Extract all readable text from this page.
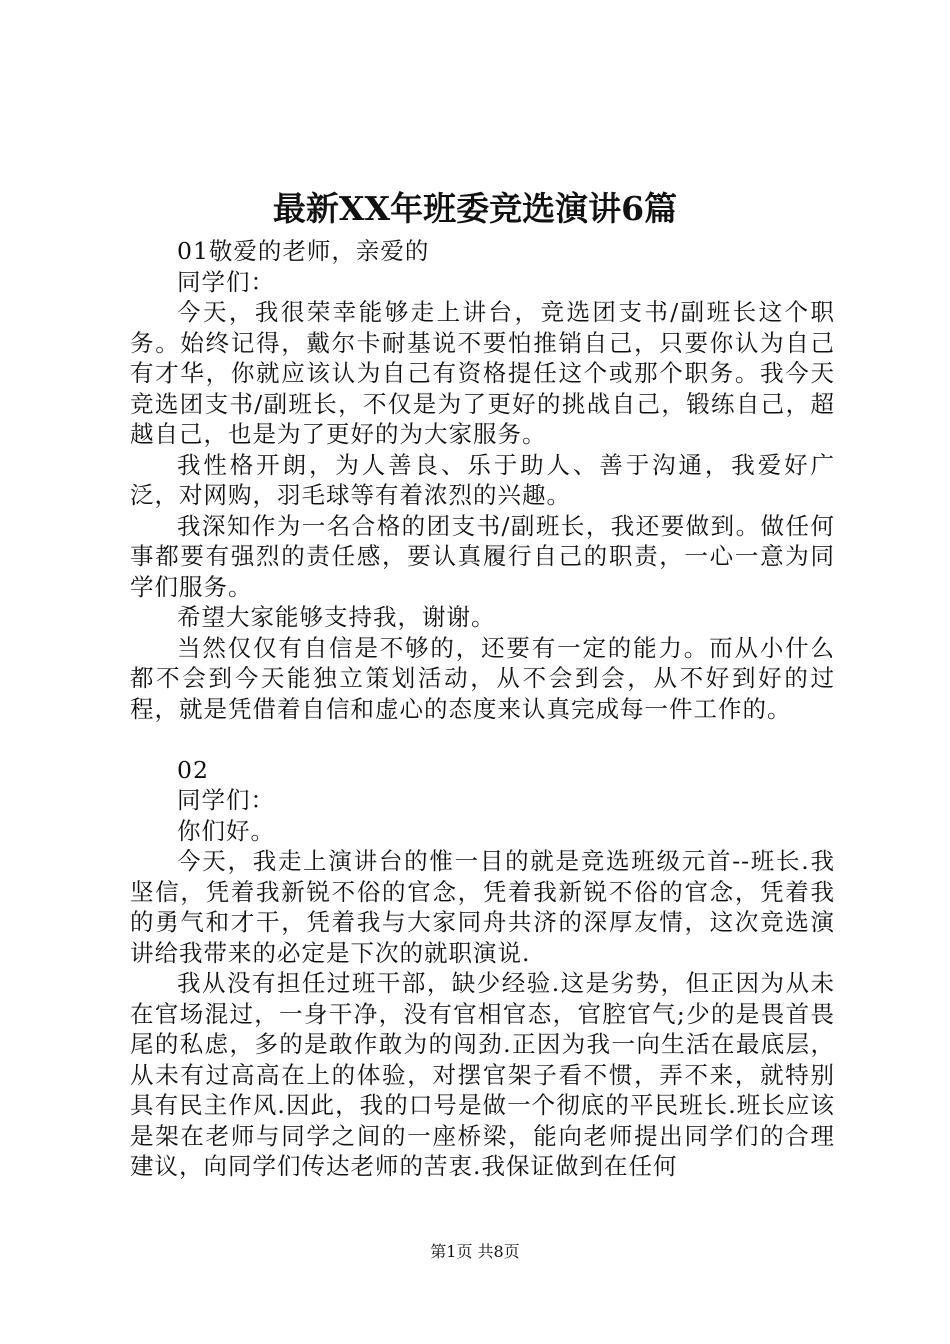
最新XX年班委竞选演讲6篇

01敬爱的老师，亲爱的

同学们：

今天，我很荣幸能够走上讲台，竞选团支书/副班长这个职务。始终记得，戴尔卡耐基说不要怕推销自己，只要你认为自己有才华，你就应该认为自己有资格提任这个或那个职务。我今天竞选团支书/副班长，不仅是为了更好的挑战自己，锻练自己，超越自己，也是为了更好的为大家服务。

我性格开朗，为人善良、乐于助人、善于沟通，我爱好广泛，对网购，羽毛球等有着浓烈的兴趣。

我深知作为一名合格的团支书/副班长，我还要做到。做任何事都要有强烈的责任感，要认真履行自己的职责，一心一意为同学们服务。

希望大家能够支持我，谢谢。

当然仅仅有自信是不够的，还要有一定的能力。而从小什么都不会到今天能独立策划活动，从不会到会，从不好到好的过程，就是凭借着自信和虚心的态度来认真完成每一件工作的。

02

同学们：

你们好。

今天，我走上演讲台的惟一目的就是竞选班级元首--班长.我坚信，凭着我新锐不俗的官念，凭着我新锐不俗的官念，凭着我的勇气和才干，凭着我与大家同舟共济的深厚友情，这次竞选演讲给我带来的必定是下次的就职演说.

我从没有担任过班干部，缺少经验.这是劣势，但正因为从未在官场混过，一身干净，没有官相官态，官腔官气;少的是畏首畏尾的私虑，多的是敢作敢为的闯劲.正因为我一向生活在最底层，从未有过高高在上的体验，对摆官架子看不惯，弄不来，就特别具有民主作风.因此，我的口号是做一个彻底的平民班长.班长应该是架在老师与同学之间的一座桥梁，能向老师提出同学们的合理建议，向同学们传达老师的苦衷.我保证做到在任何

第1页 共8页
